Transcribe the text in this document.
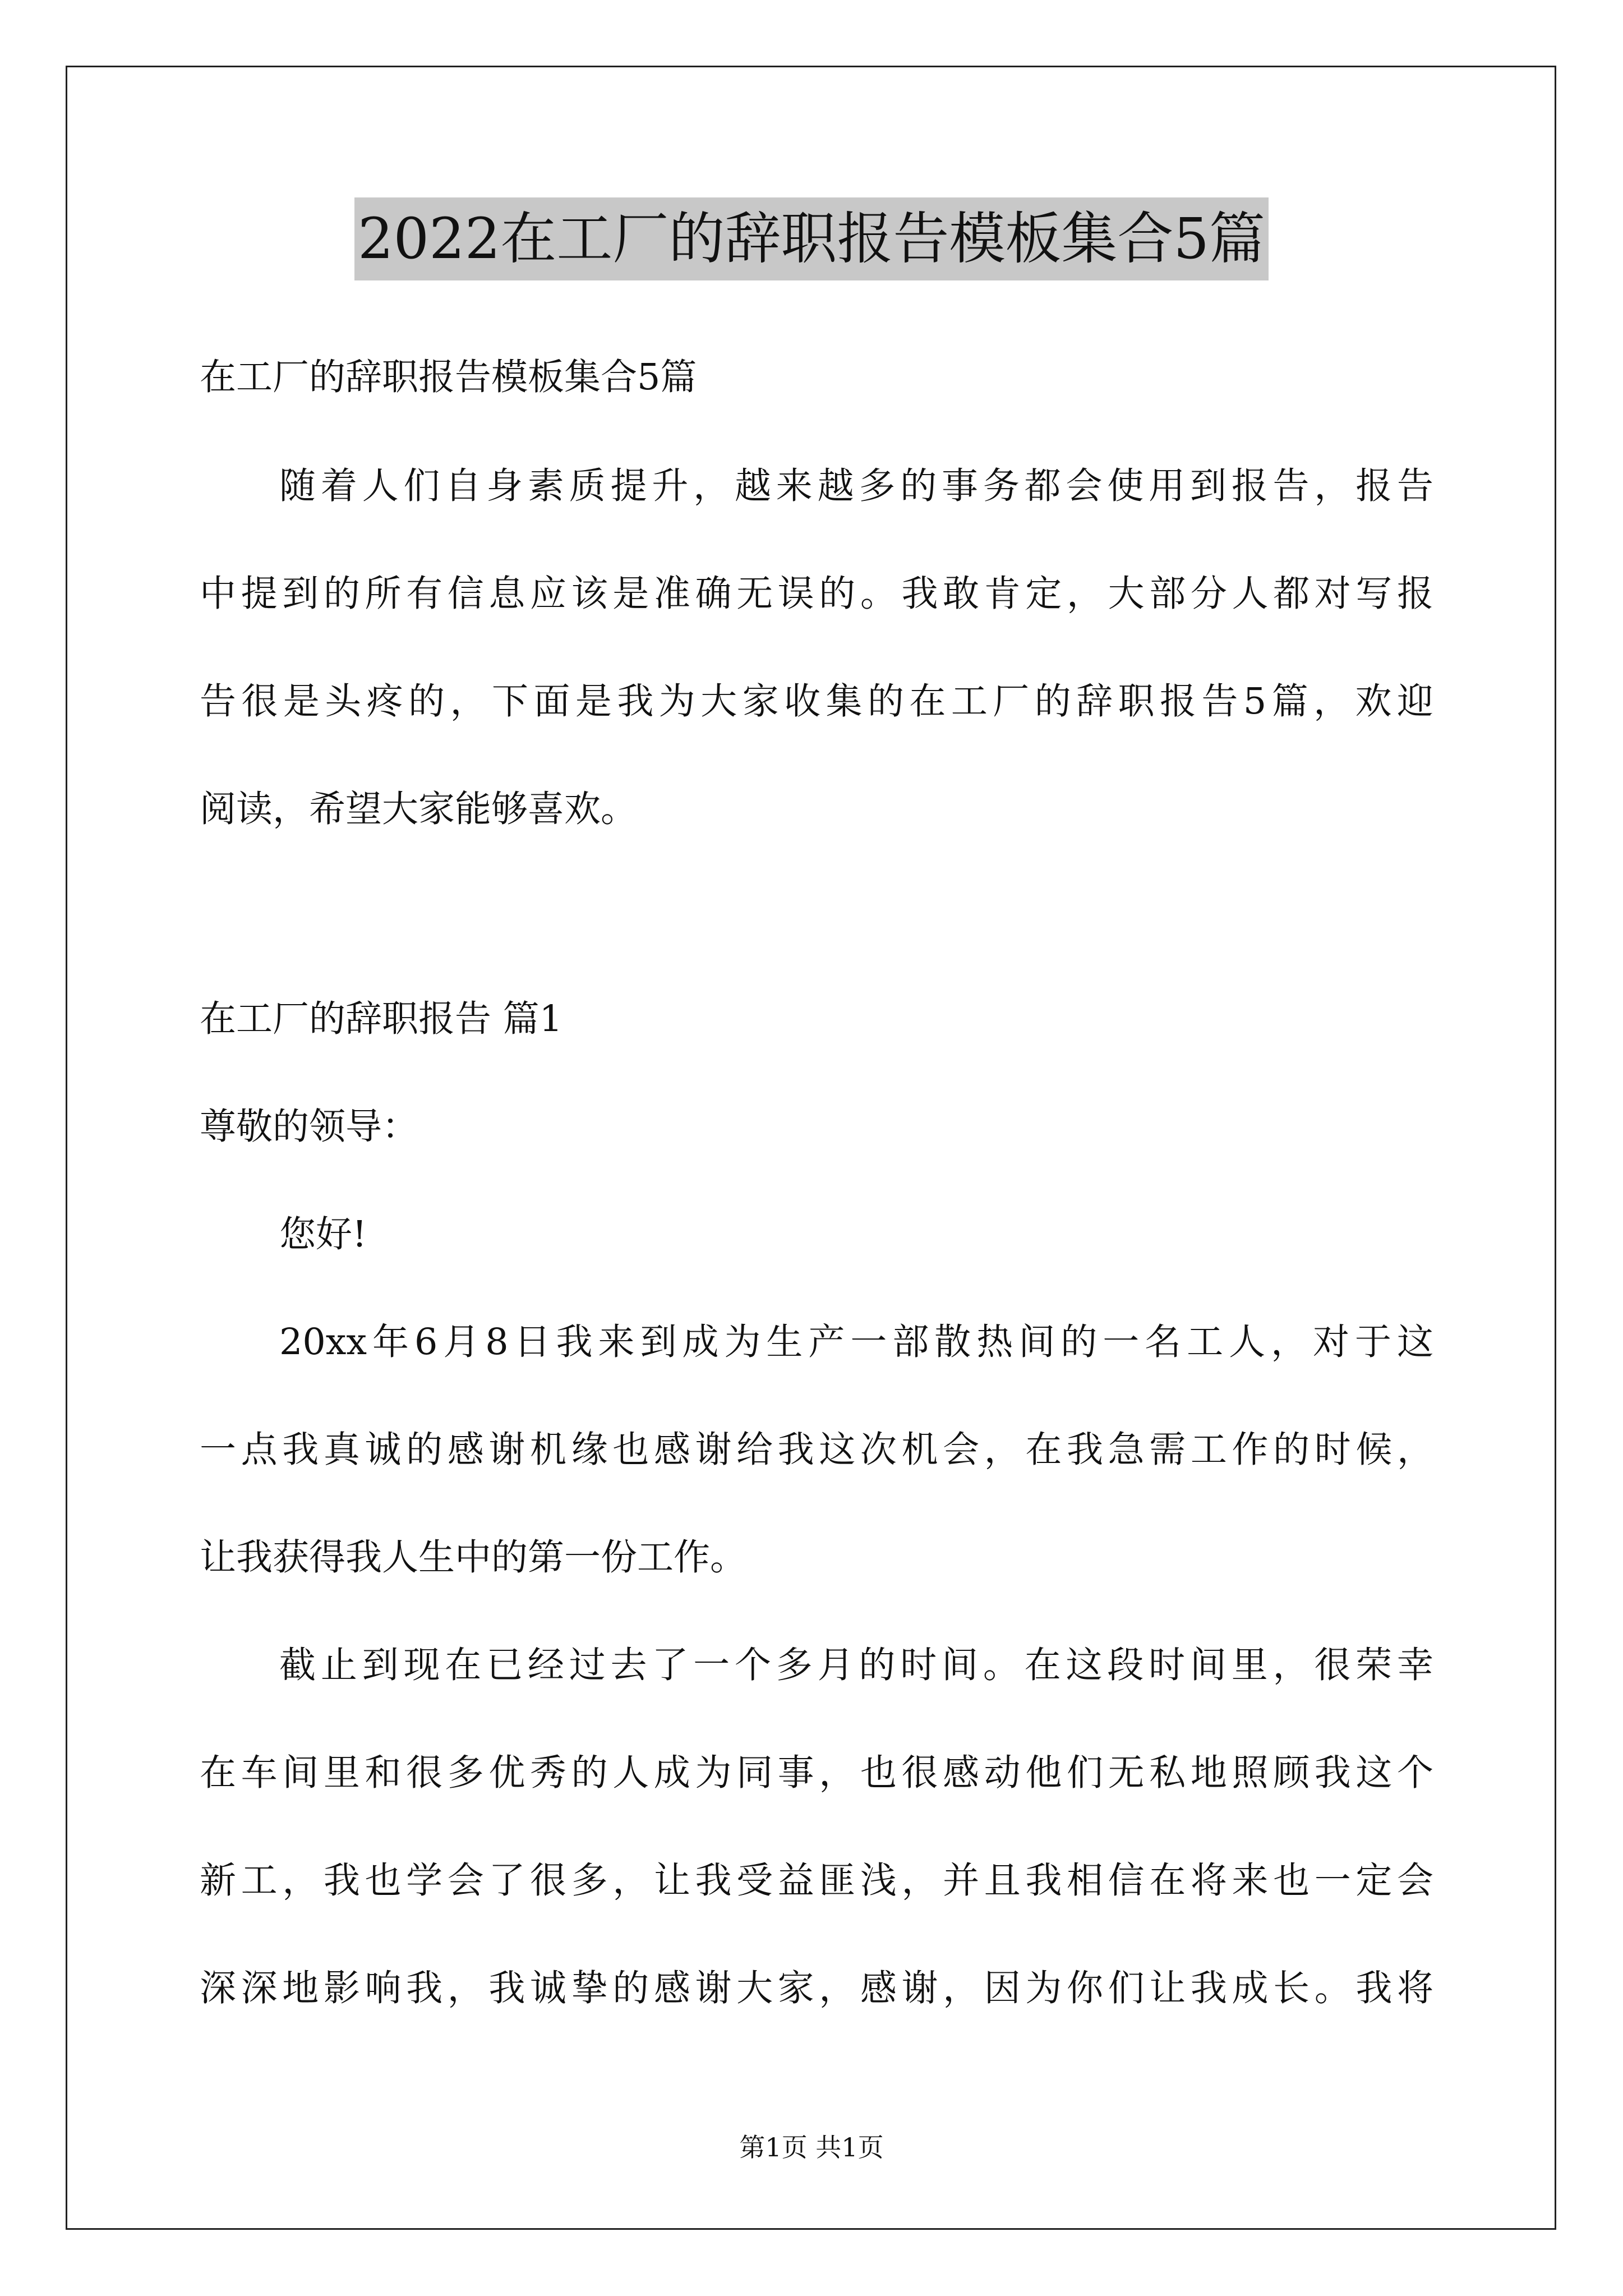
2022在工厂的辞职报告模板集合5篇
在工厂的辞职报告模板集合5篇
随着人们自身素质提升，越来越多的事务都会使用到报告，报告
中提到的所有信息应该是准确无误的。我敢肯定，大部分人都对写报
告很是头疼的，下面是我为大家收集的在工厂的辞职报告5篇，欢迎
阅读，希望大家能够喜欢。
在工厂的辞职报告 篇1
尊敬的领导：
您好!
20xx年6月8日我来到成为生产一部散热间的一名工人，对于这
一点我真诚的感谢机缘也感谢给我这次机会，在我急需工作的时候，
让我获得我人生中的第一份工作。
截止到现在已经过去了一个多月的时间。在这段时间里，很荣幸
在车间里和很多优秀的人成为同事，也很感动他们无私地照顾我这个
新工，我也学会了很多，让我受益匪浅，并且我相信在将来也一定会
深深地影响我，我诚挚的感谢大家，感谢，因为你们让我成长。我将
第1页 共1页
